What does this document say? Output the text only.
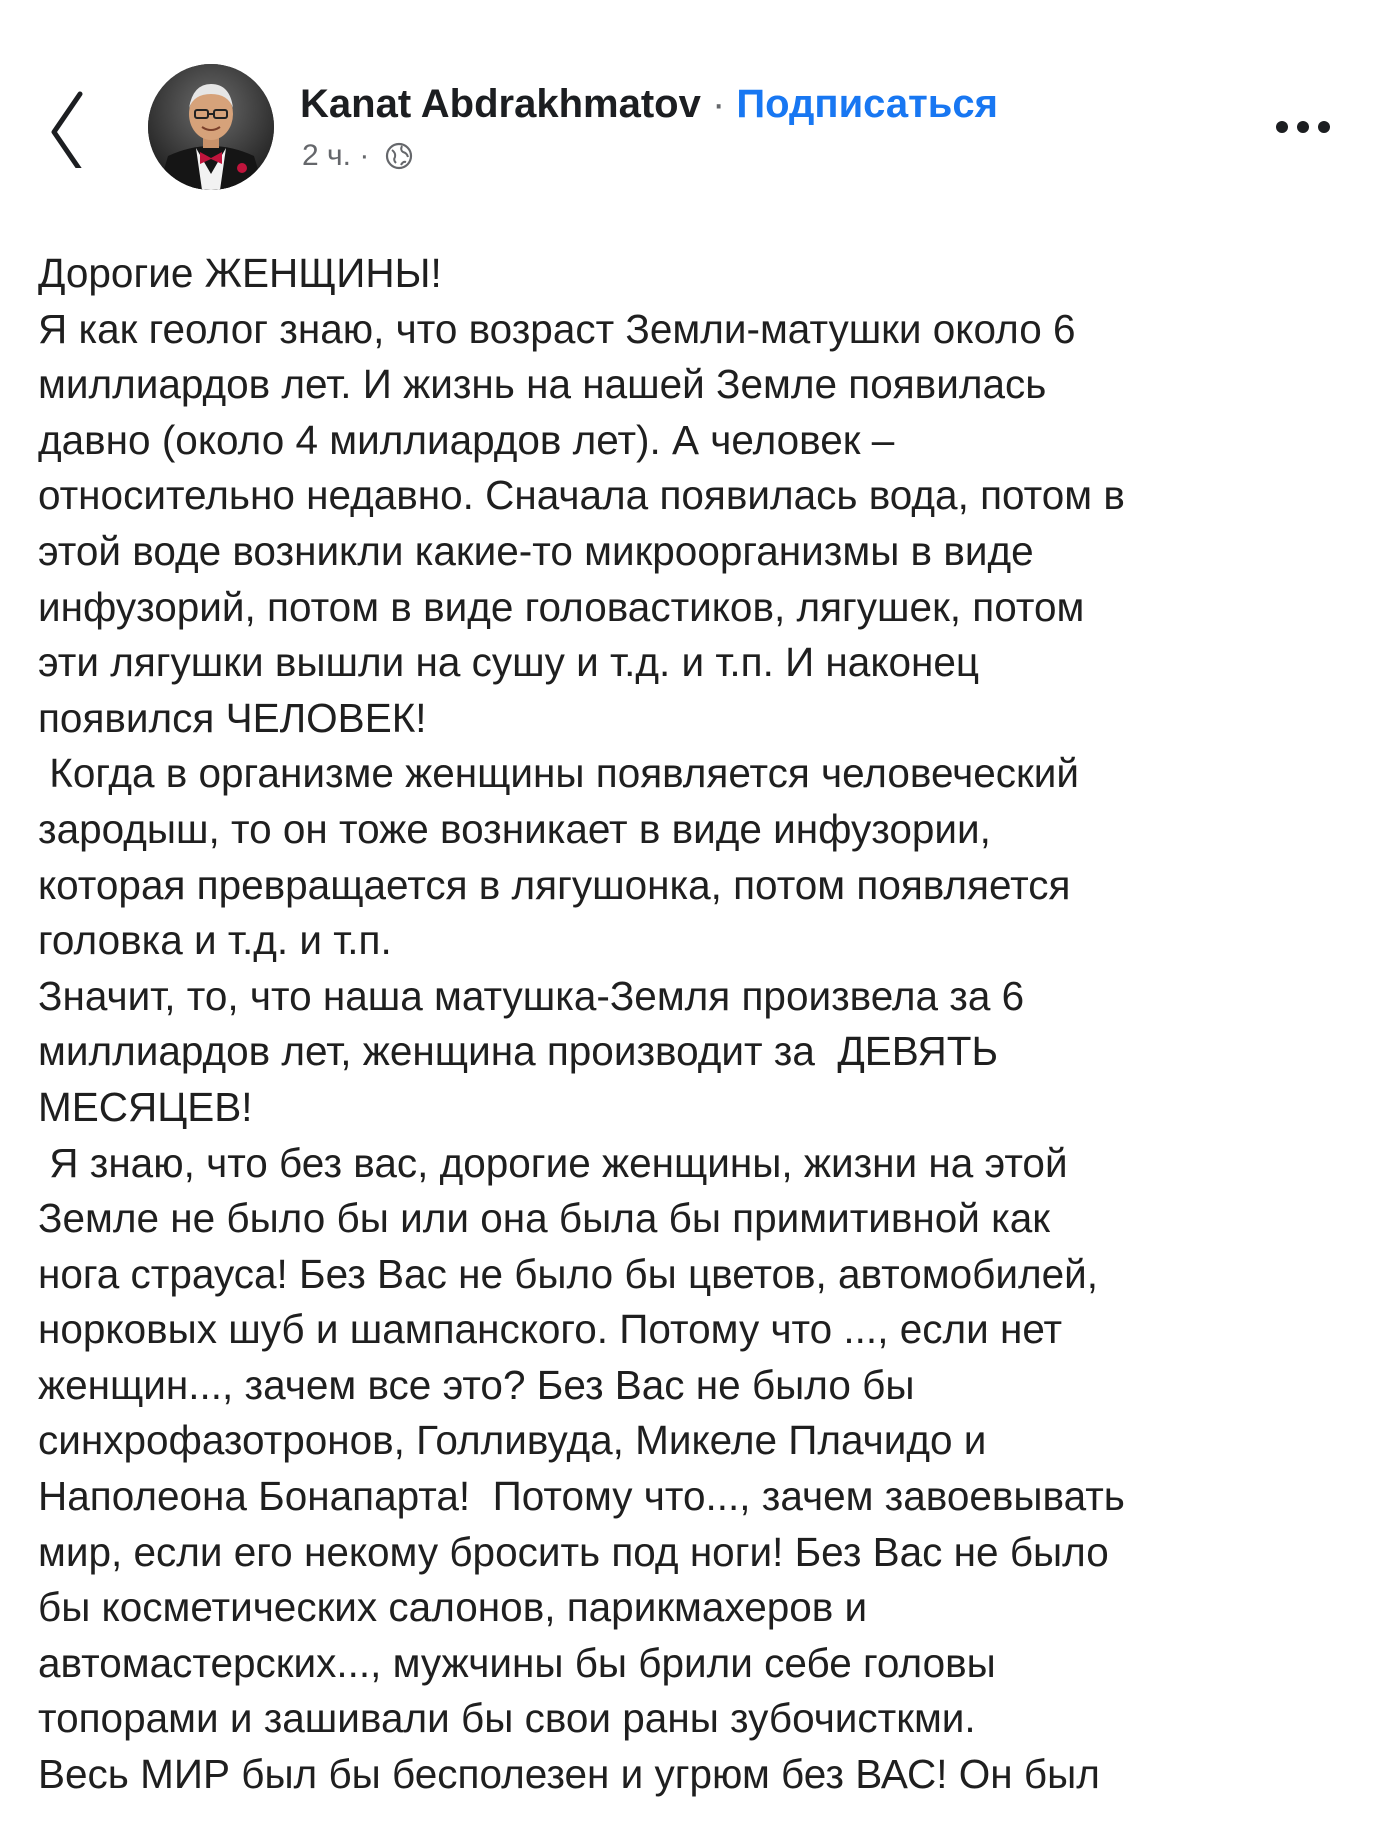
Kanat Abdrakhmatov · Подписаться
2 ч. ·
Дорогие ЖЕНЩИНЫ!
Я как геолог знаю, что возраст Земли-матушки около 6
миллиардов лет. И жизнь на нашей Земле появилась
давно (около 4 миллиардов лет). А человек –
относительно недавно. Сначала появилась вода, потом в
этой воде возникли какие-то микроорганизмы в виде
инфузорий, потом в виде головастиков, лягушек, потом
эти лягушки вышли на сушу и т.д. и т.п. И наконец
появился ЧЕЛОВЕК!
Когда в организме женщины появляется человеческий
зародыш, то он тоже возникает в виде инфузории,
которая превращается в лягушонка, потом появляется
головка и т.д. и т.п.
Значит, то, что наша матушка-Земля произвела за 6
миллиардов лет, женщина производит за  ДЕВЯТЬ
МЕСЯЦЕВ!
Я знаю, что без вас, дорогие женщины, жизни на этой
Земле не было бы или она была бы примитивной как
нога страуса! Без Вас не было бы цветов, автомобилей,
норковых шуб и шампанского. Потому что ..., если нет
женщин..., зачем все это? Без Вас не было бы
синхрофазотронов, Голливуда, Микеле Плачидо и
Наполеона Бонапарта!  Потому что..., зачем завоевывать
мир, если его некому бросить под ноги! Без Вас не было
бы косметических салонов, парикмахеров и
автомастерских..., мужчины бы брили себе головы
топорами и зашивали бы свои раны зубочисткми.
Весь МИР был бы бесполезен и угрюм без ВАС! Он был
